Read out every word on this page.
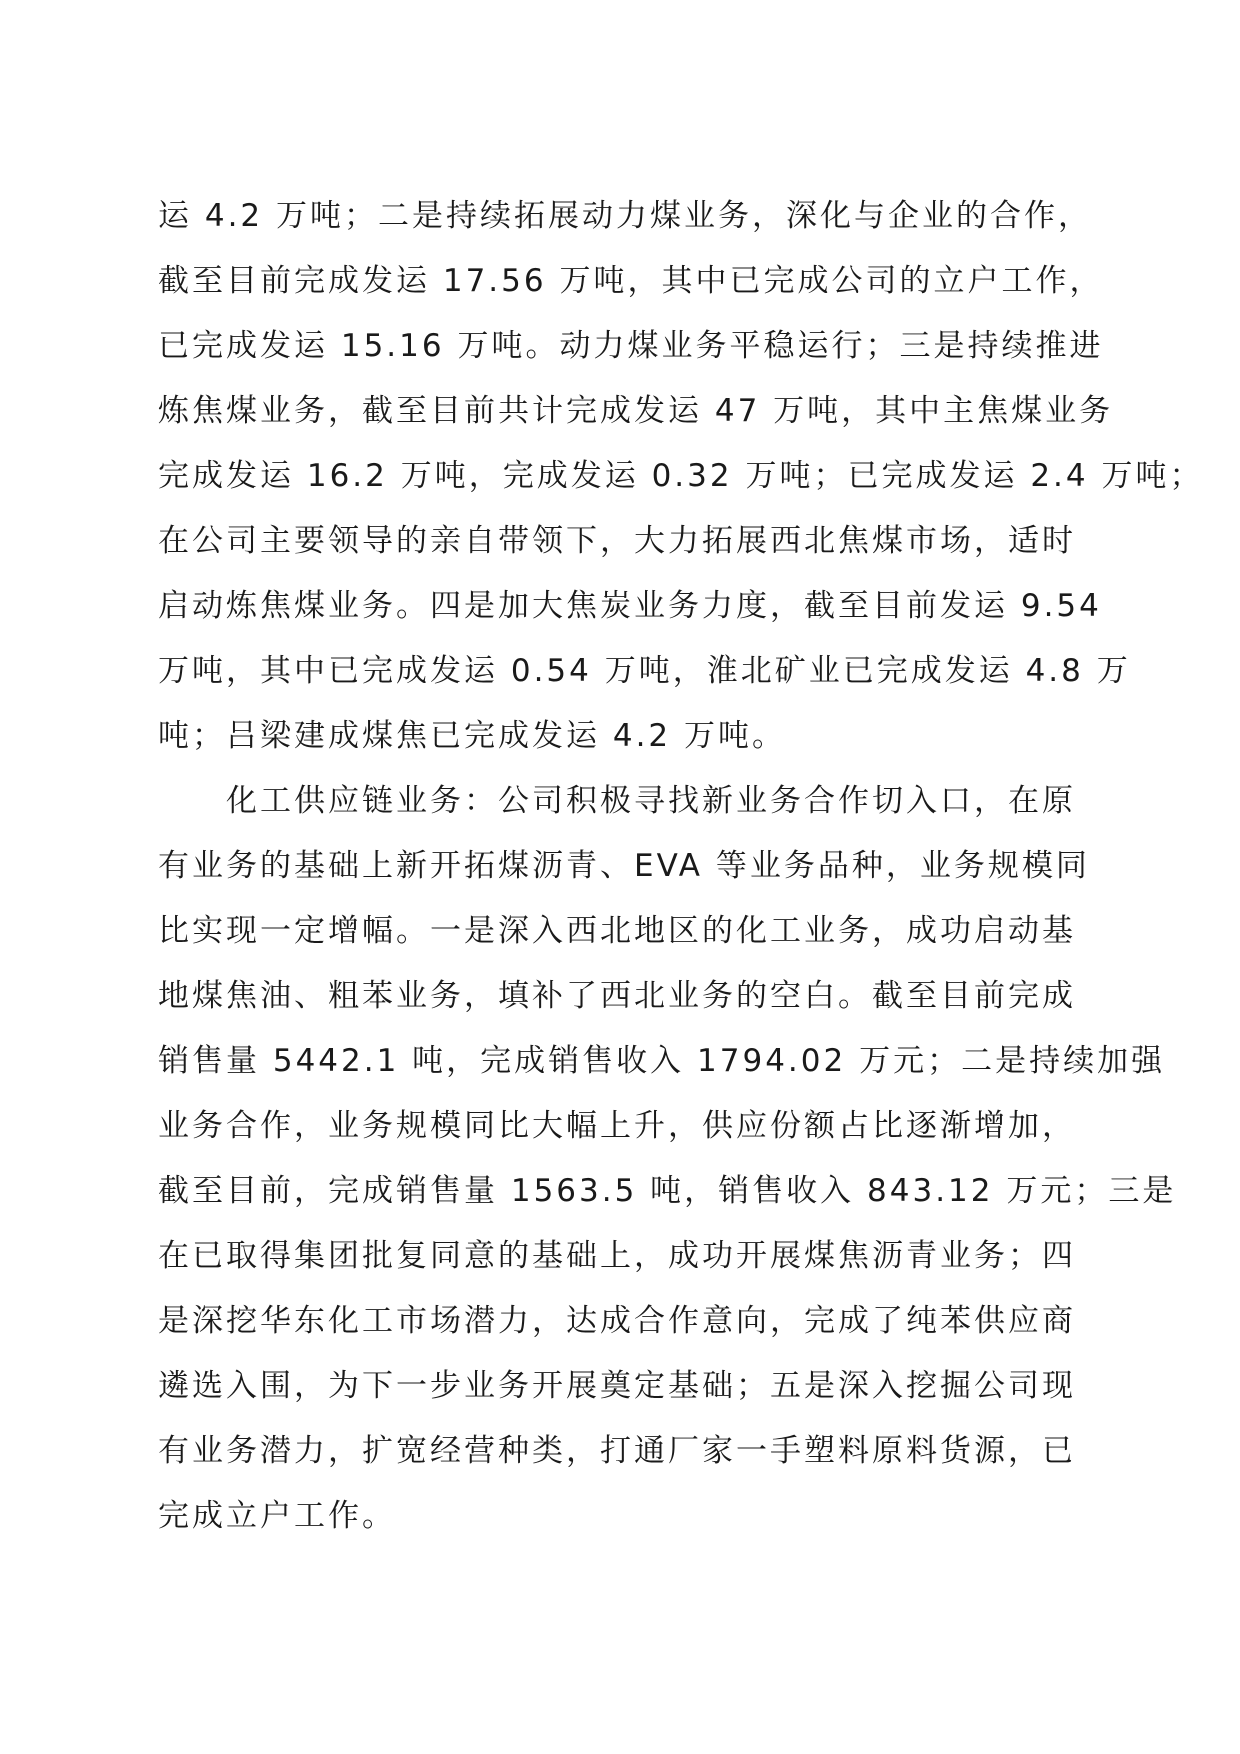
运 4.2 万吨；二是持续拓展动力煤业务，深化与企业的合作，
截至目前完成发运 17.56 万吨，其中已完成公司的立户工作，
已完成发运 15.16 万吨。动力煤业务平稳运行；三是持续推进
炼焦煤业务，截至目前共计完成发运 47 万吨，其中主焦煤业务
完成发运 16.2 万吨，完成发运 0.32 万吨；已完成发运 2.4 万吨；
在公司主要领导的亲自带领下，大力拓展西北焦煤市场，适时
启动炼焦煤业务。四是加大焦炭业务力度，截至目前发运 9.54
万吨，其中已完成发运 0.54 万吨，淮北矿业已完成发运 4.8 万
吨；吕梁建成煤焦已完成发运 4.2 万吨。
化工供应链业务：公司积极寻找新业务合作切入口，在原
有业务的基础上新开拓煤沥青、EVA 等业务品种，业务规模同
比实现一定增幅。一是深入西北地区的化工业务，成功启动基
地煤焦油、粗苯业务，填补了西北业务的空白。截至目前完成
销售量 5442.1 吨，完成销售收入 1794.02 万元；二是持续加强
业务合作，业务规模同比大幅上升，供应份额占比逐渐增加，
截至目前，完成销售量 1563.5 吨，销售收入 843.12 万元；三是
在已取得集团批复同意的基础上，成功开展煤焦沥青业务；四
是深挖华东化工市场潜力，达成合作意向，完成了纯苯供应商
遴选入围，为下一步业务开展奠定基础；五是深入挖掘公司现
有业务潜力，扩宽经营种类，打通厂家一手塑料原料货源，已
完成立户工作。
